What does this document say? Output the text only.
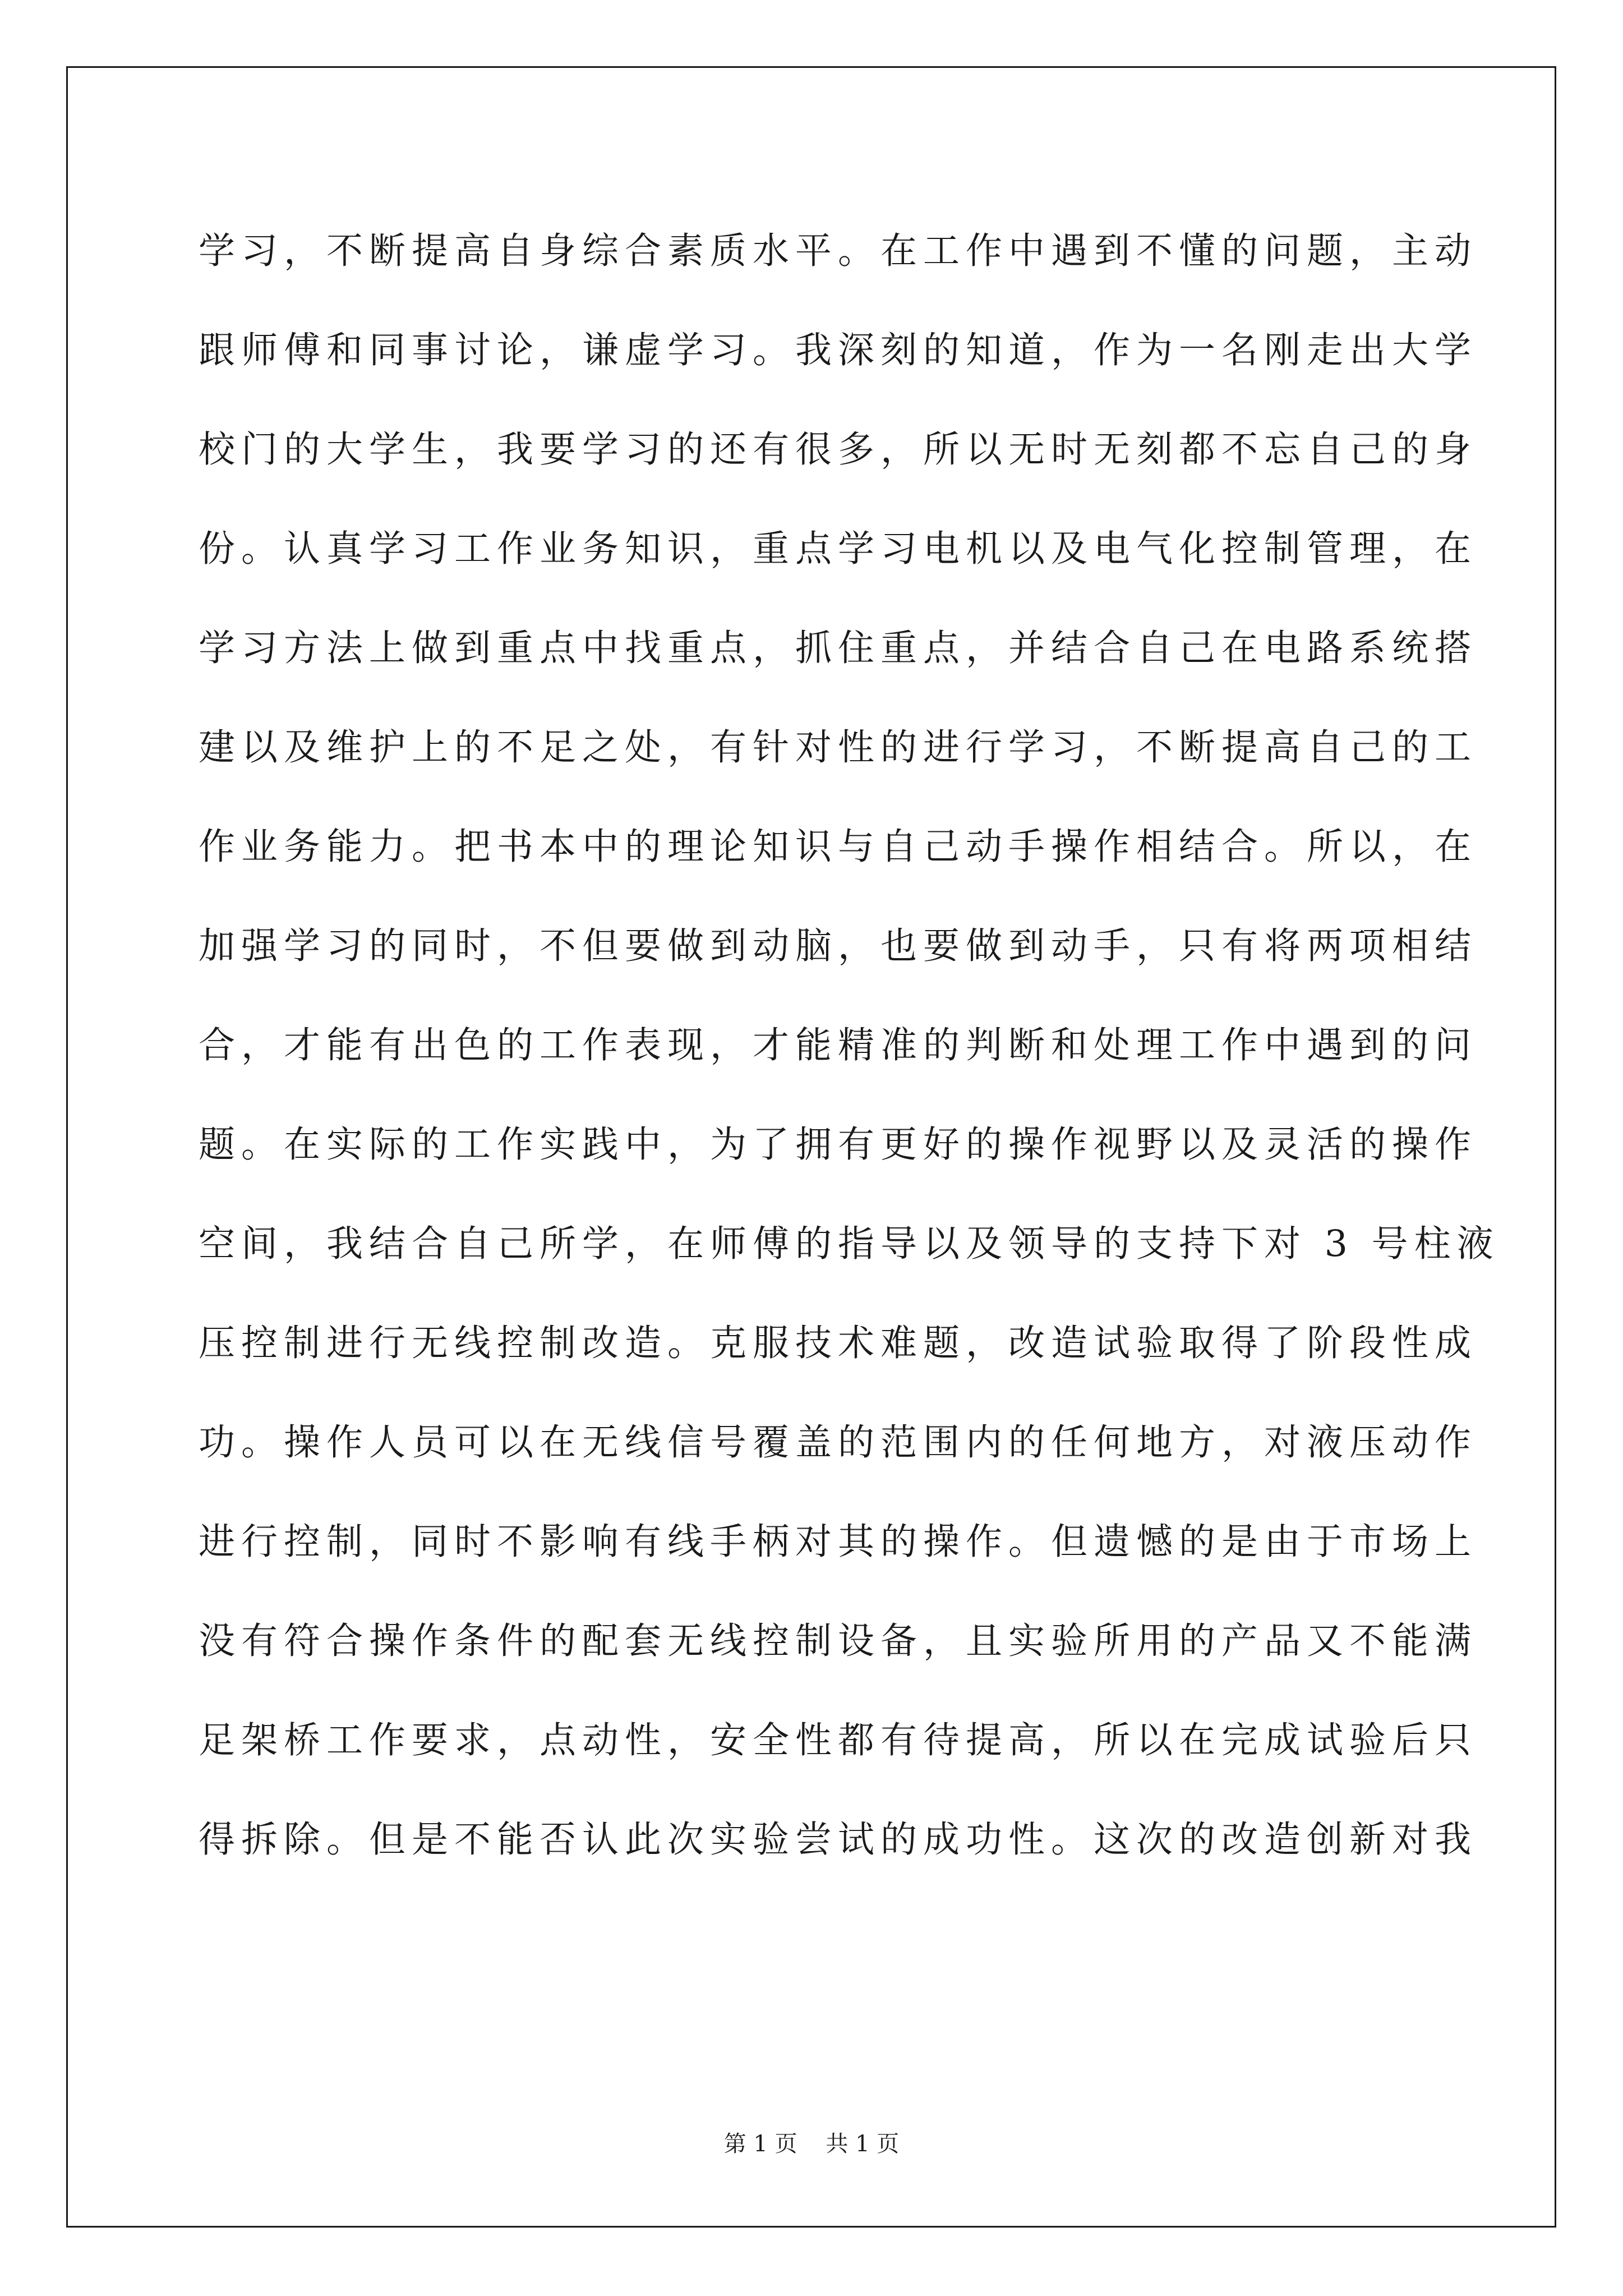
学习，不断提高自身综合素质水平。在工作中遇到不懂的问题，主动
跟师傅和同事讨论，谦虚学习。我深刻的知道，作为一名刚走出大学
校门的大学生，我要学习的还有很多，所以无时无刻都不忘自己的身
份。认真学习工作业务知识，重点学习电机以及电气化控制管理，在
学习方法上做到重点中找重点，抓住重点，并结合自己在电路系统搭
建以及维护上的不足之处，有针对性的进行学习，不断提高自己的工
作业务能力。把书本中的理论知识与自己动手操作相结合。所以，在
加强学习的同时，不但要做到动脑，也要做到动手，只有将两项相结
合，才能有出色的工作表现，才能精准的判断和处理工作中遇到的问
题。在实际的工作实践中，为了拥有更好的操作视野以及灵活的操作
空间，我结合自己所学，在师傅的指导以及领导的支持下对 3 号柱液
压控制进行无线控制改造。克服技术难题，改造试验取得了阶段性成
功。操作人员可以在无线信号覆盖的范围内的任何地方，对液压动作
进行控制，同时不影响有线手柄对其的操作。但遗憾的是由于市场上
没有符合操作条件的配套无线控制设备，且实验所用的产品又不能满
足架桥工作要求，点动性，安全性都有待提高，所以在完成试验后只
得拆除。但是不能否认此次实验尝试的成功性。这次的改造创新对我
第 1 页    共 1 页
